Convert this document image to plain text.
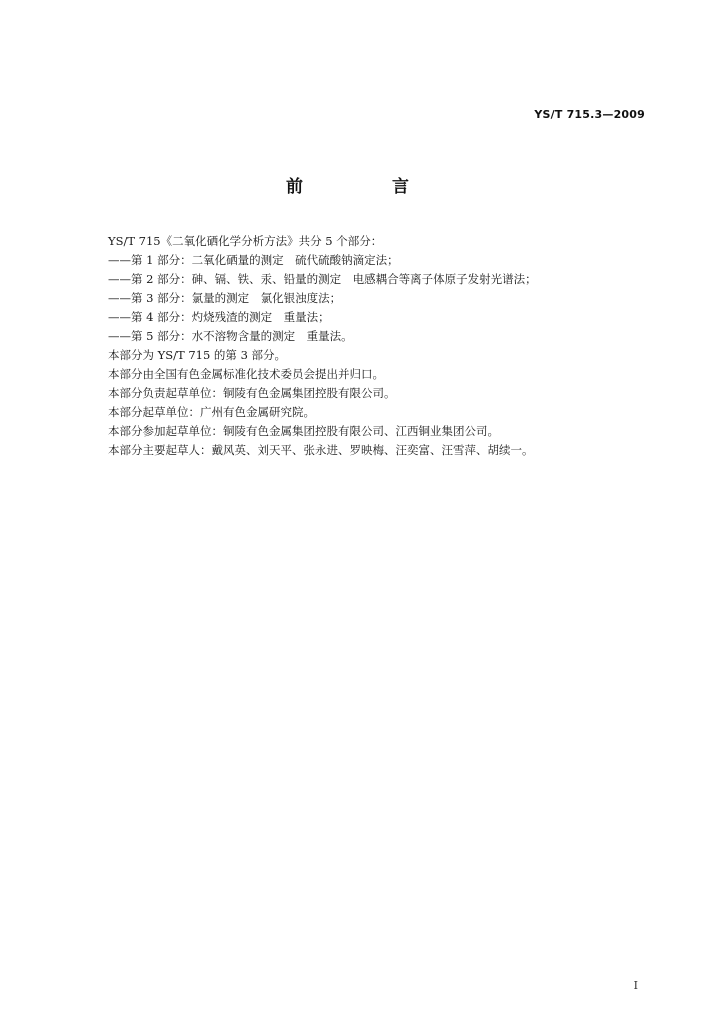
YS/T 715.3—2009
前　言

YS/T 715《二氧化硒化学分析方法》共分 5 个部分：

——第 1 部分：二氧化硒量的测定　硫代硫酸钠滴定法；

——第 2 部分：砷、镉、铁、汞、铅量的测定　电感耦合等离子体原子发射光谱法；

——第 3 部分：氯量的测定　氯化银浊度法；

——第 4 部分：灼烧残渣的测定　重量法；

——第 5 部分：水不溶物含量的测定　重量法。

本部分为 YS/T 715 的第 3 部分。

本部分由全国有色金属标准化技术委员会提出并归口。

本部分负责起草单位：铜陵有色金属集团控股有限公司。

本部分起草单位：广州有色金属研究院。

本部分参加起草单位：铜陵有色金属集团控股有限公司、江西铜业集团公司。

本部分主要起草人：戴风英、刘天平、张永进、罗映梅、汪奕富、汪雪萍、胡续一。

I
